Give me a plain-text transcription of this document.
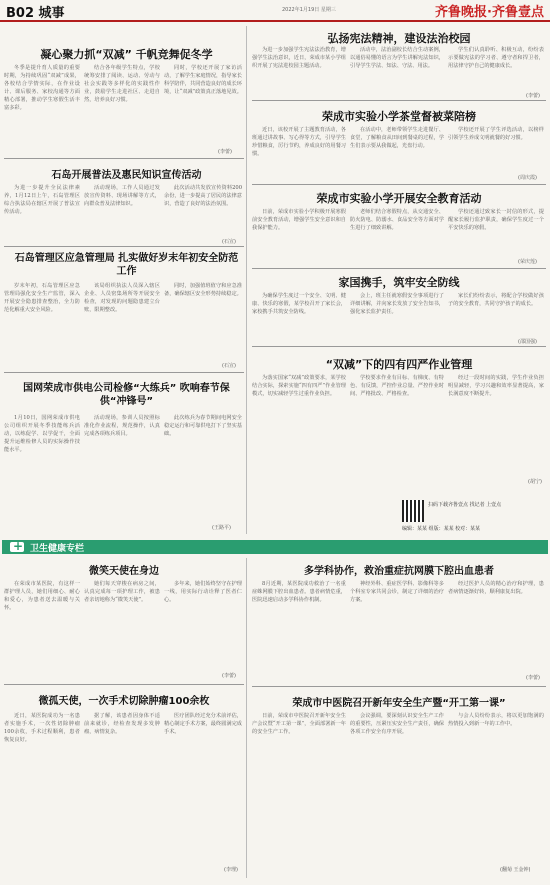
B02 城事	2022年1月19日 星期三	齐鲁晚报·齐鲁壹点
凝心聚力抓“双减” 千帆竞舞促冬学
冬季是提升育人质量的重要时期，为持续巩固“双减”成果，各校结合学情实际，在作业设计、课后服务、家校沟通等方面精心部署，推动学生寒假生活丰富多彩。
结合各年级学生特点，学校统筹安排了阅读、运动、劳动与社会实践等多样化的实践性作业，鼓励学生走进社区、走进自然，培养良好习惯。
同时，学校还开展了家访活动，了解学生家庭情况，指导家长科学陪伴，共同营造良好的成长环境，让“双减”政策真正落地见效。
(李蕾)
石岛开展普法及惠民知识宣传活动
为进一步提升全民法律素养，1月12日上午，石岛管理区综合执法局在辖区开展了普法宣传活动。
活动现场，工作人员通过发放宣传资料、现场讲解等方式，向群众普及法律知识。
此次活动共发放宣传资料200余份，进一步提高了居民的法律意识，营造了良好的法治氛围。
(石宣)
石岛管理区应急管理局 扎实做好岁末年初安全防范工作
岁末年初，石岛管理区应急管理局强化安全生产监管，深入开展安全隐患排查整治，全力防范化解重大安全风险。
该局组织执法人员深入辖区企业、人员密集场所等开展安全检查，对发现的问题隐患建立台账，限期整改。
同时，加强值班值守和应急准备，确保辖区安全形势持续稳定。
(石宣)
国网荣成市供电公司检修“大练兵” 吹响春节保供“冲锋号”
1月10日，国网荣成市供电公司组织开展冬季技能练兵活动，以练促学、以学促干，全面提升运维检修人员的实际操作技能水平。
活动现场，参训人员按照标准化作业流程，规范操作，认真完成各项练兵项目。
此次练兵为春节期间电网安全稳定运行和可靠供电打下了坚实基础。
(王路平)
弘扬宪法精神，建设法治校园
为进一步加强学生宪法法治教育，增强学生法治意识，近日，荣成市某小学组织开展了宪法进校园主题活动。
活动中，法治副校长结合生动案例，以通俗易懂的语言为学生讲解宪法知识，引导学生学法、知法、守法、用法。
学生们认真聆听、积极互动，纷纷表示要做宪法的学习者、遵守者和捍卫者，用法律守护自己的健康成长。
(李蕾)
荣成市实验小学茶堂督被菜陪榜
近日，该校开展了主题教育活动，各班通过讲故事、写心得等方式，引导学生珍惜粮食，厉行节约，养成良好的用餐习惯。
在活动中，老师带领学生走进餐厅、食堂，了解粮食从田间到餐桌的过程，学生们表示要从我做起，光盘行动。
学校还开展了学生评选活动，以榜样引领学生养成文明就餐的好习惯。
(周庆霞)
荣成市实验小学开展安全教育活动
日前，荣成市实验小学积极开展寒假前安全教育活动，增强学生安全意识和自我保护能力。
老师们结合寒假特点，从交通安全、防火防电、防溺水、食品安全等方面对学生进行了细致讲解。
学校还通过致家长一封信的形式，提醒家长履行监护职责，确保学生度过一个平安快乐的寒假。
(荣庆莲)
家国携手，筑牢安全防线
为确保学生度过一个安全、文明、健康、快乐的寒假，某学校召开了家长会，家校携手共筑安全防线。
会上，班主任就寒假安全事项进行了详细讲解，并向家长发放了安全告知书，强化家长监护责任。
家长们纷纷表示，将配合学校做好孩子的安全教育，共同守护孩子的成长。
(邵国强)
“双减”下的四有四严作业管理
为落实国家“双减”政策要求，某学校结合实际，探索实施“四有四严”作业管理模式，切实减轻学生过重作业负担。
学校要求作业有目标、有梯度、有特色、有反馈，严控作业总量、严控作业时间、严格批改、严格检查。
经过一段时间的实践，学生作业负担明显减轻，学习兴趣和效率显著提高，家长满意度不断提升。
(胡宁)
扫码下载齐鲁壹点 找记者 上壹点
编辑：某某 组版：某某 校对：某某
+
卫生健康专栏
微笑天使在身边
在荣成市某医院，有这样一群护理人员，她们用细心、耐心和爱心，为患者送去温暖与关怀。
她们每天穿梭在病房之间，认真完成每一项护理工作，被患者亲切地称为“微笑天使”。
多年来，她们始终坚守在护理一线，用实际行动诠释了医者仁心。
(李蕾)
微孤天使，一次手术切除肿瘤100余枚
近日，某医院成功为一名患者实施手术，一次性切除肿瘤100余枚，手术过程顺利，患者恢复良好。
据了解，该患者因身体不适前来就诊，经检查发现多发肿瘤，病情复杂。
医疗团队经过充分术前评估，精心制定手术方案，最终圆满完成手术。
(李理)
多学科协作，救治重症抗网膜下腔出血患者
8月近期，某医院成功救治了一名重症蛛网膜下腔出血患者。患者病情危重，医院迅速启动多学科协作机制。
神经外科、重症医学科、影像科等多个科室专家共同会诊，制定了详细的治疗方案。
经过医护人员的精心治疗和护理，患者病情逐渐好转，顺利康复出院。
(李蕾)
荣成市中医院召开新年安全生产暨“开工第一课”
日前，荣成市中医院召开新年安全生产会议暨“开工第一课”，全面部署新一年的安全生产工作。
会议强调，要深刻认识安全生产工作的重要性，压紧压实安全生产责任，确保各项工作安全有序开展。
与会人员纷纷表示，将以更加饱满的热情投入到新一年的工作中。
(翻菊 王金钟)
